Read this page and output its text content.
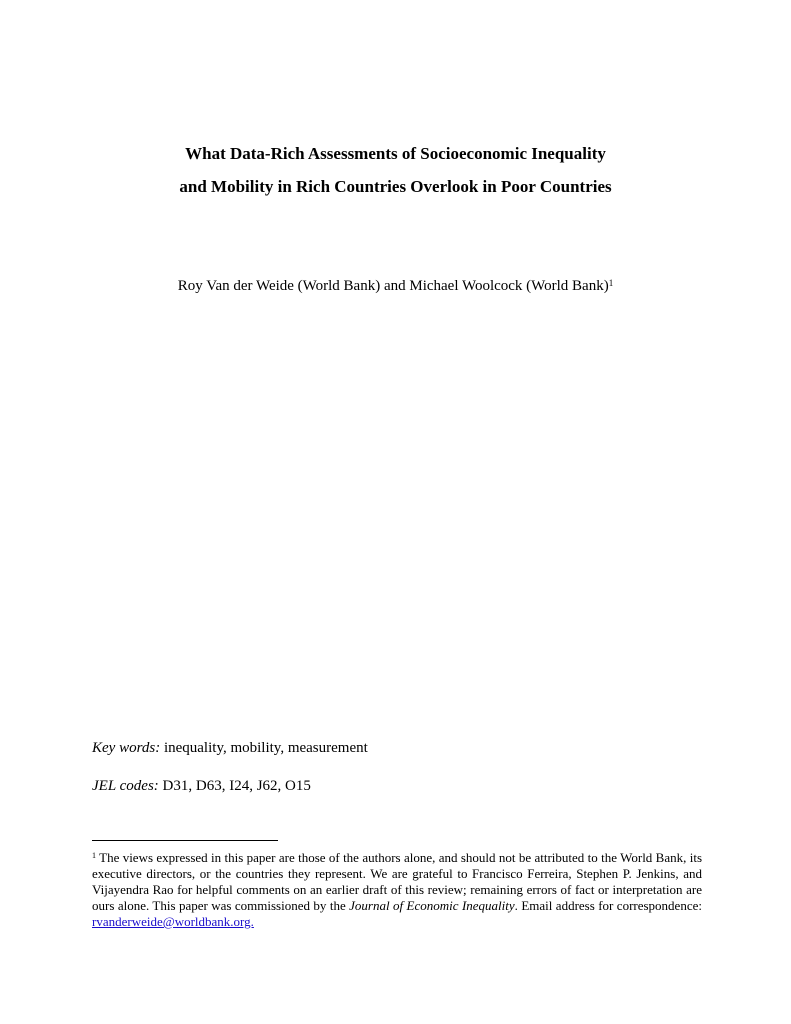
What Data-Rich Assessments of Socioeconomic Inequality
and Mobility in Rich Countries Overlook in Poor Countries
Roy Van der Weide (World Bank) and Michael Woolcock (World Bank)$^1$
Key words: inequality, mobility, measurement
JEL codes: D31, D63, I24, J62, O15
$^1$ The views expressed in this paper are those of the authors alone, and should not be attributed to the World Bank, its executive directors, or the countries they represent. We are grateful to Francisco Ferreira, Stephen P. Jenkins, and Vijayendra Rao for helpful comments on an earlier draft of this review; remaining errors of fact or interpretation are ours alone. This paper was commissioned by the Journal of Economic Inequality. Email address for correspondence: rvanderweide@worldbank.org.
